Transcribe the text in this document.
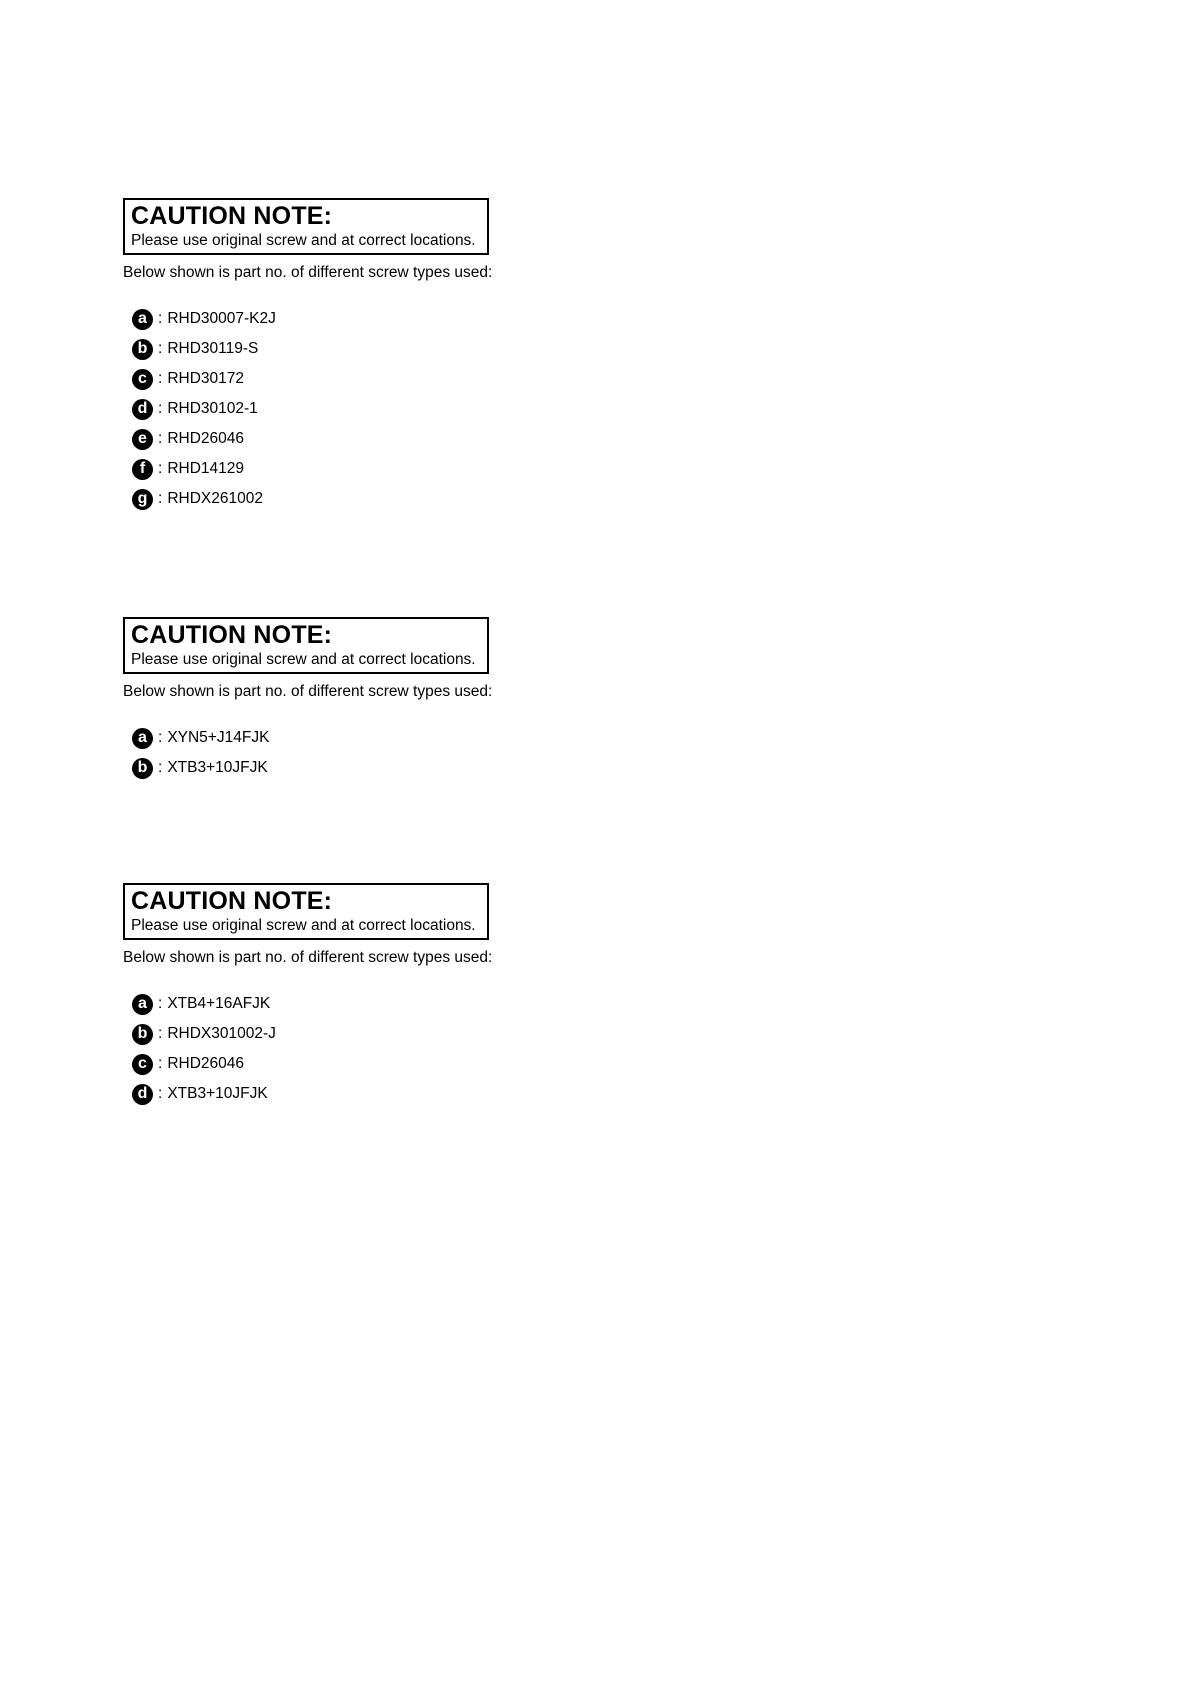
CAUTION NOTE:
Please use original screw and at correct locations.
Below shown is part no. of different screw types used:
a : RHD30007-K2J
b : RHD30119-S
c : RHD30172
d : RHD30102-1
e : RHD26046
f : RHD14129
g : RHDX261002
CAUTION NOTE:
Please use original screw and at correct locations.
Below shown is part no. of different screw types used:
a : XYN5+J14FJK
b : XTB3+10JFJK
CAUTION NOTE:
Please use original screw and at correct locations.
Below shown is part no. of different screw types used:
a : XTB4+16AFJK
b : RHDX301002-J
c : RHD26046
d : XTB3+10JFJK
